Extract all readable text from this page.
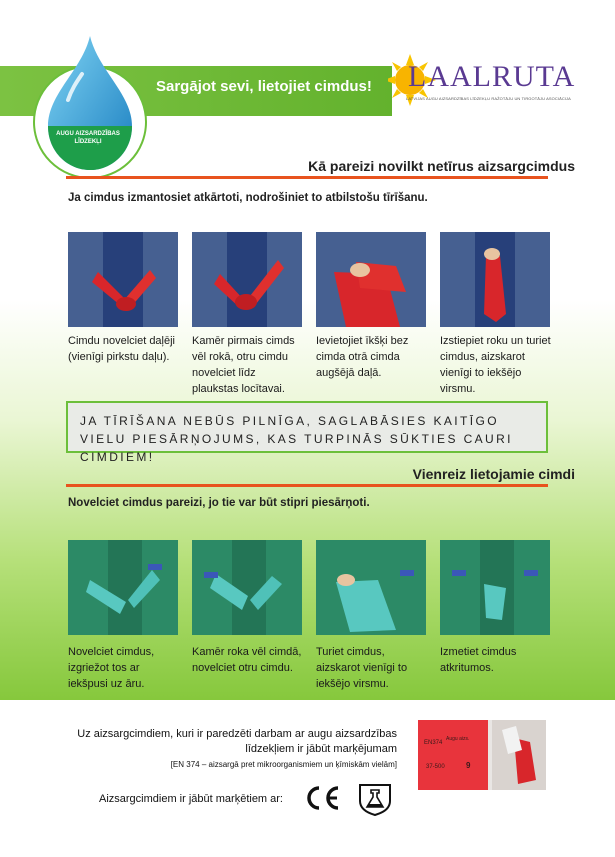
Sargājot sevi, lietojiet cimdus!
AUGU AIZSARDZĪBAS LĪDZEKĻI
LAALRUTA
LATVIJAS AUGU AIZSARDZĪBAS LĪDZEKĻU RAŽOTĀJU UN TIRGOTĀJU ASOCIĀCIJA
Kā pareizi novilkt netīrus aizsargcimdus
Ja cimdus izmantosiet atkārtoti, nodrošiniet to atbilstošu tīrīšanu.
Cimdu novelciet daļēji (vienīgi pirkstu daļu).
Kamēr pirmais cimds vēl rokā, otru cimdu novelciet līdz plaukstas locītavai.
Ievietojiet īkšķi bez cimda otrā cimda augšējā daļā.
Izstiepiet roku un turiet cimdus, aizskarot vienīgi to iekšējo virsmu.
JA TĪRĪŠANA NEBŪS PILNĪGA, SAGLABĀSIES KAITĪGO VIELU PIESĀRŅOJUMS, KAS TURPINĀS SŪKTIES CAURI CIMDIEM!
Vienreiz lietojamie cimdi
Novelciet cimdus pareizi, jo tie var būt stipri piesārņoti.
Novelciet cimdus, izgriežot tos ar iekšpusi uz āru.
Kamēr roka vēl cimdā, novelciet otru cimdu.
Turiet cimdus, aizskarot vienīgi to iekšējo virsmu.
Izmetiet cimdus atkritumos.
Uz aizsargcimdiem, kuri ir paredzēti darbam ar augu aizsardzības
līdzekļiem ir jābūt marķējumam
[EN 374 – aizsargā pret mikroorganismiem un ķīmiskām vielām]
Aizsargcimdiem ir jābūt marķētiem ar:
EN374
Augu aizs.
37-500	9
